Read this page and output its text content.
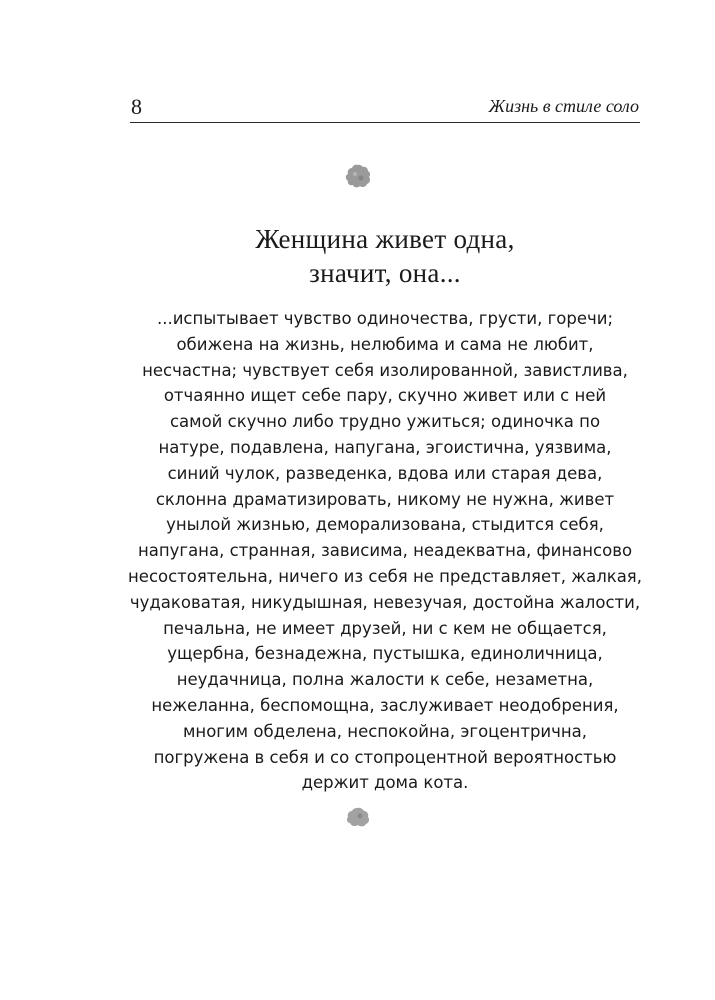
8	Жизнь в стиле соло
Женщина живет одна,
значит, она...
...испытывает чувство одиночества, грусти, горечи;
обижена на жизнь, нелюбима и сама не любит,
несчастна; чувствует себя изолированной, завистлива,
отчаянно ищет себе пару, скучно живет или с ней
самой скучно либо трудно ужиться; одиночка по
натуре, подавлена, напугана, эгоистична, уязвима,
синий чулок, разведенка, вдова или старая дева,
склонна драматизировать, никому не нужна, живет
унылой жизнью, деморализована, стыдится себя,
напугана, странная, зависима, неадекватна, финансово
несостоятельна, ничего из себя не представляет, жалкая,
чудаковатая, никудышная, невезучая, достойна жалости,
печальна, не имеет друзей, ни с кем не общается,
ущербна, безнадежна, пустышка, единоличница,
неудачница, полна жалости к себе, незаметна,
нежеланна, беспомощна, заслуживает неодобрения,
многим обделена, неспокойна, эгоцентрична,
погружена в себя и со стопроцентной вероятностью
держит дома кота.
